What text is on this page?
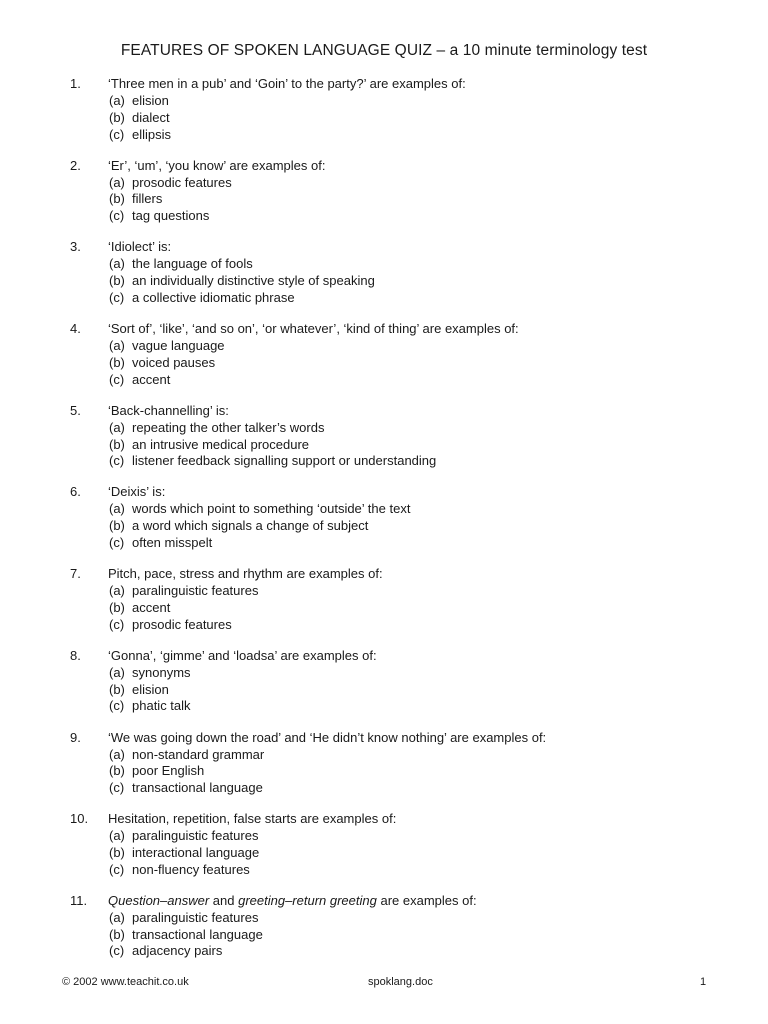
FEATURES OF SPOKEN LANGUAGE QUIZ – a 10 minute terminology test
1. ‘Three men in a pub’ and ‘Goin’ to the party?’ are examples of:
(a) elision
(b) dialect
(c) ellipsis
2. ‘Er’, ‘um’, ‘you know’ are examples of:
(a) prosodic features
(b) fillers
(c) tag questions
3. ‘Idiolect’ is:
(a) the language of fools
(b) an individually distinctive style of speaking
(c) a collective idiomatic phrase
4. ‘Sort of’, ‘like’, ‘and so on’, ‘or whatever’, ‘kind of thing’ are examples of:
(a) vague language
(b) voiced pauses
(c) accent
5. ‘Back-channelling’ is:
(a) repeating the other talker’s words
(b) an intrusive medical procedure
(c) listener feedback signalling support or understanding
6. ‘Deixis’ is:
(a) words which point to something ‘outside’ the text
(b) a word which signals a change of subject
(c) often misspelt
7. Pitch, pace, stress and rhythm are examples of:
(a) paralinguistic features
(b) accent
(c) prosodic features
8. ‘Gonna’, ‘gimme’ and ‘loadsa’ are examples of:
(a) synonyms
(b) elision
(c) phatic talk
9. ‘We was going down the road’ and ‘He didn’t know nothing’ are examples of:
(a) non-standard grammar
(b) poor English
(c) transactional language
10. Hesitation, repetition, false starts are examples of:
(a) paralinguistic features
(b) interactional language
(c) non-fluency features
11. Question–answer and greeting–return greeting are examples of:
(a) paralinguistic features
(b) transactional language
(c) adjacency pairs
© 2002 www.teachit.co.uk	spoklang.doc	1
